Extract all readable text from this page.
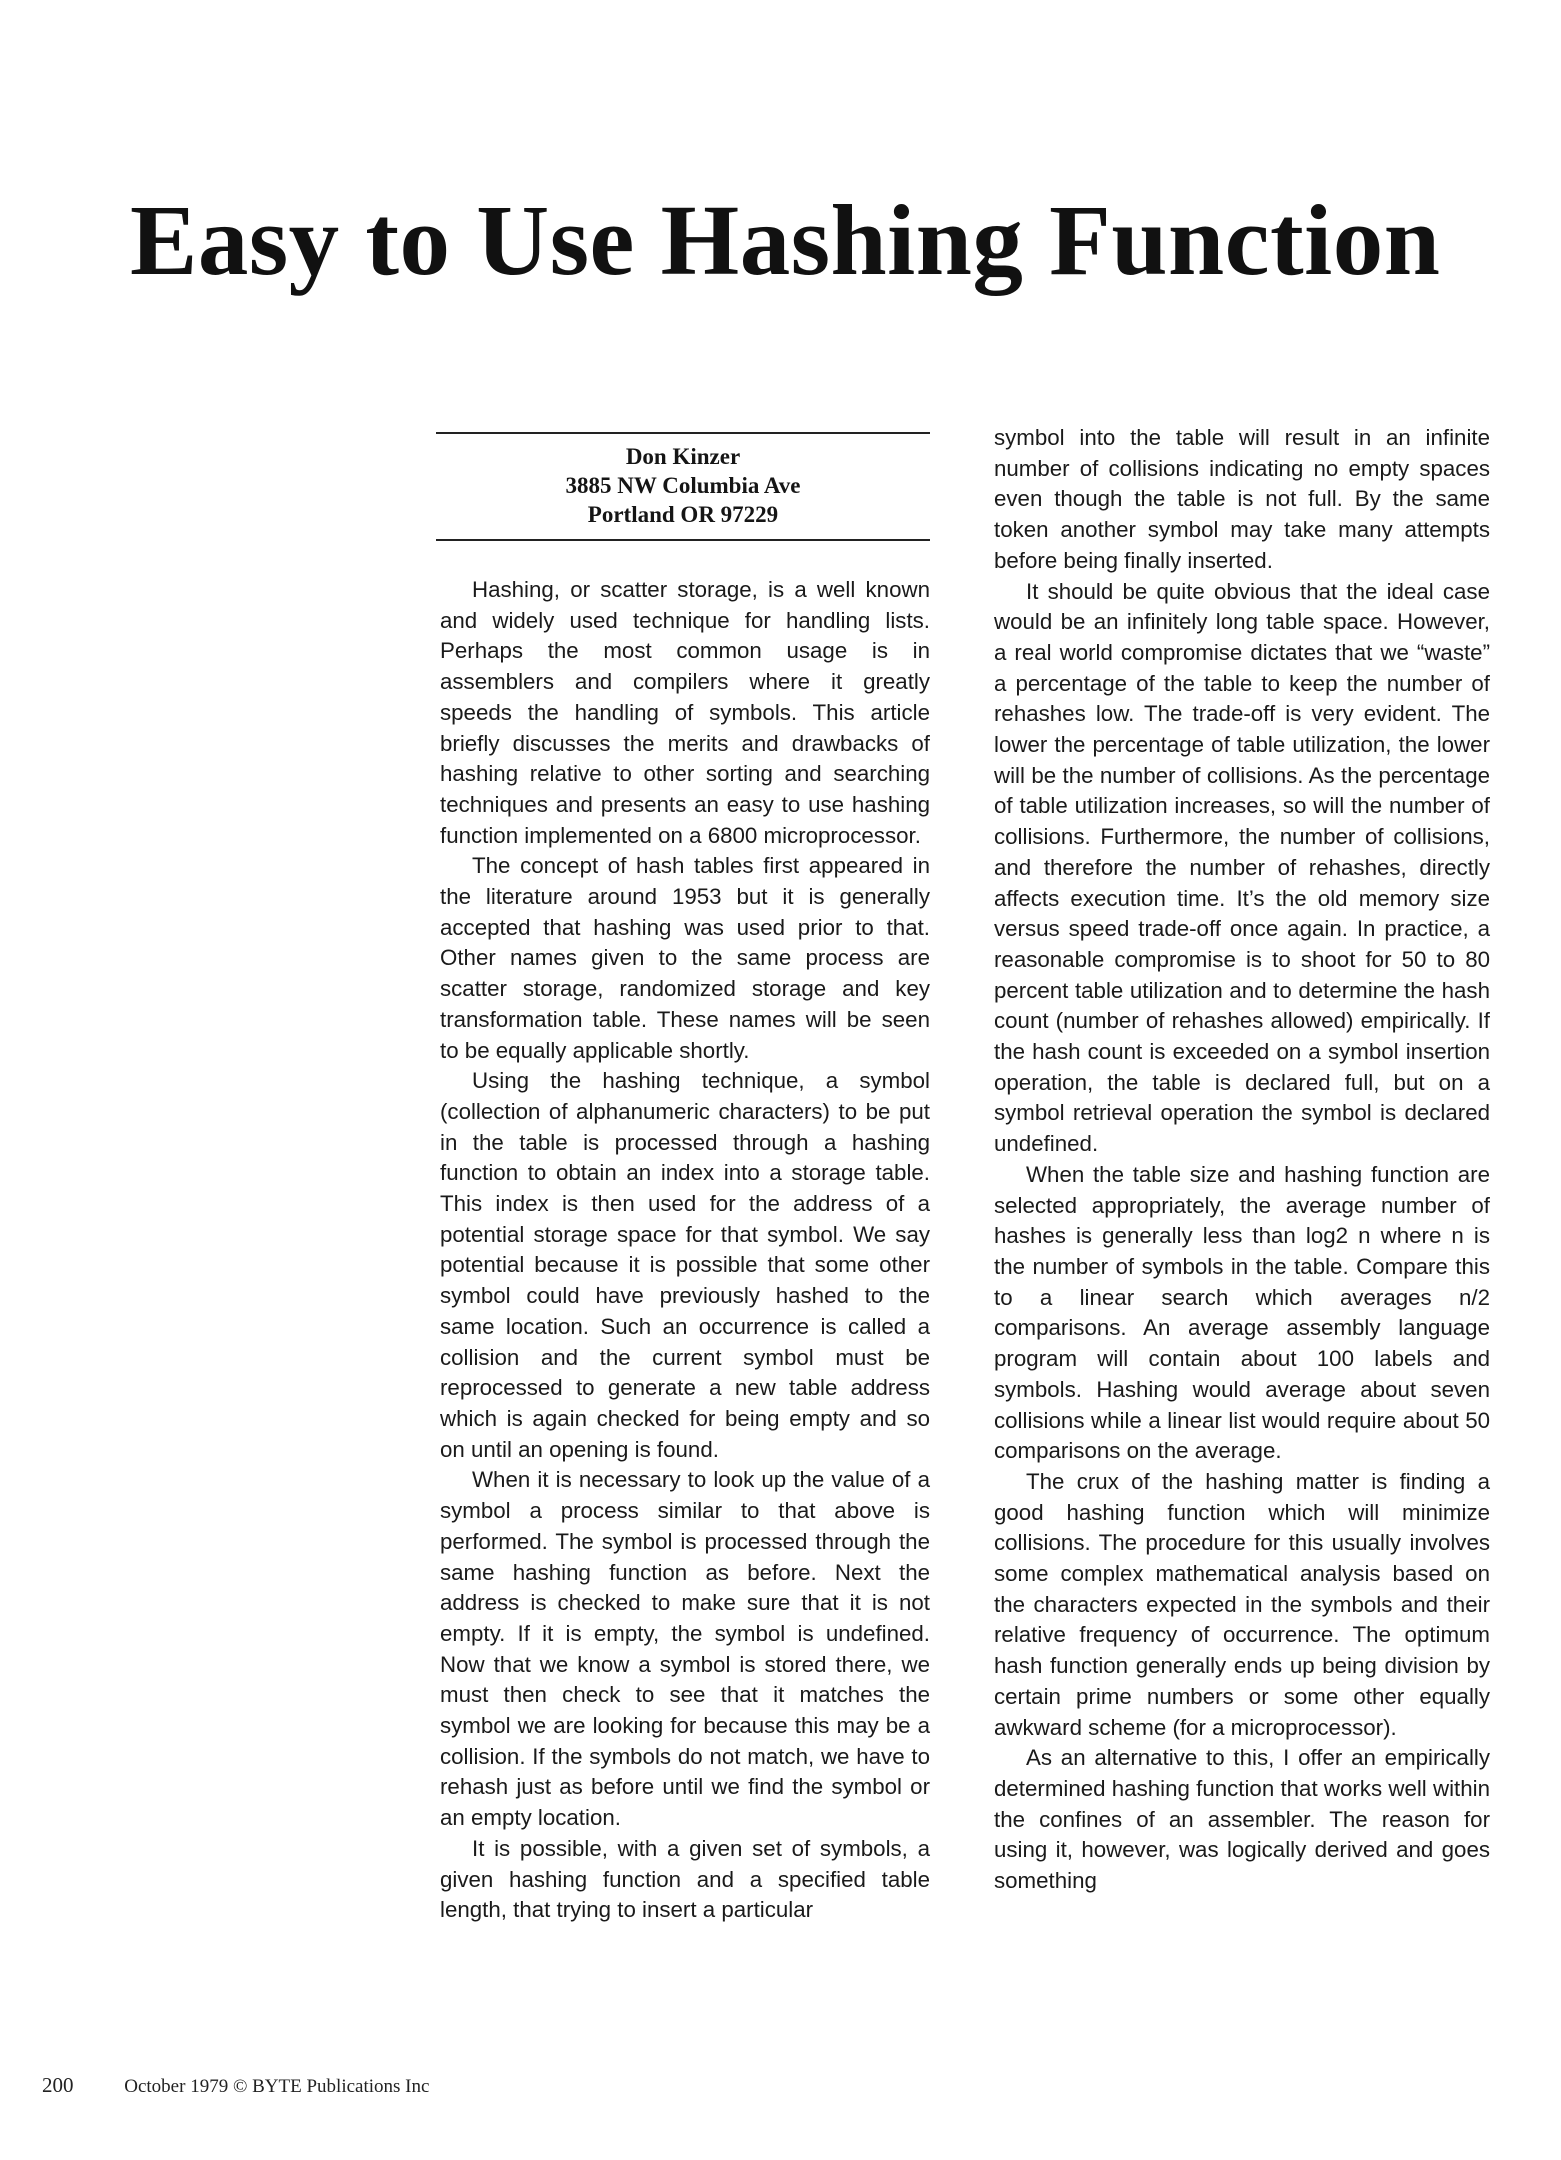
Easy to Use Hashing Function
Don Kinzer
3885 NW Columbia Ave
Portland OR 97229

Hashing, or scatter storage, is a well known and widely used technique for handling lists. Perhaps the most common usage is in assemblers and compilers where it greatly speeds the handling of symbols. This article briefly discusses the merits and drawbacks of hashing relative to other sorting and searching techniques and presents an easy to use hashing function implemented on a 6800 microprocessor.

The concept of hash tables first appeared in the literature around 1953 but it is generally accepted that hashing was used prior to that. Other names given to the same process are scatter storage, randomized storage and key transformation table. These names will be seen to be equally applicable shortly.

Using the hashing technique, a symbol (collection of alphanumeric characters) to be put in the table is processed through a hashing function to obtain an index into a storage table. This index is then used for the address of a potential storage space for that symbol. We say potential because it is possible that some other symbol could have previously hashed to the same location. Such an occurrence is called a collision and the current symbol must be reprocessed to generate a new table address which is again checked for being empty and so on until an opening is found.

When it is necessary to look up the value of a symbol a process similar to that above is performed. The symbol is processed through the same hashing function as before. Next the address is checked to make sure that it is not empty. If it is empty, the symbol is undefined. Now that we know a symbol is stored there, we must then check to see that it matches the symbol we are looking for because this may be a collision. If the symbols do not match, we have to rehash just as before until we find the symbol or an empty location.

It is possible, with a given set of symbols, a given hashing function and a specified table length, that trying to insert a particular

symbol into the table will result in an infinite number of collisions indicating no empty spaces even though the table is not full. By the same token another symbol may take many attempts before being finally inserted.

It should be quite obvious that the ideal case would be an infinitely long table space. However, a real world compromise dictates that we “waste” a percentage of the table to keep the number of rehashes low. The trade-off is very evident. The lower the percentage of table utilization, the lower will be the number of collisions. As the percentage of table utilization increases, so will the number of collisions. Furthermore, the number of collisions, and therefore the number of rehashes, directly affects execution time. It’s the old memory size versus speed trade-off once again. In practice, a reasonable compromise is to shoot for 50 to 80 percent table utilization and to determine the hash count (number of rehashes allowed) empirically. If the hash count is exceeded on a symbol insertion operation, the table is declared full, but on a symbol retrieval operation the symbol is declared undefined.

When the table size and hashing function are selected appropriately, the average number of hashes is generally less than log2 n where n is the number of symbols in the table. Compare this to a linear search which averages n/2 comparisons. An average assembly language program will contain about 100 labels and symbols. Hashing would average about seven collisions while a linear list would require about 50 comparisons on the average.

The crux of the hashing matter is finding a good hashing function which will minimize collisions. The procedure for this usually involves some complex mathematical analysis based on the characters expected in the symbols and their relative frequency of occurrence. The optimum hash function generally ends up being division by certain prime numbers or some other equally awkward scheme (for a microprocessor).

As an alternative to this, I offer an empirically determined hashing function that works well within the confines of an assembler. The reason for using it, however, was logically derived and goes something

200	October 1979 © BYTE Publications Inc
